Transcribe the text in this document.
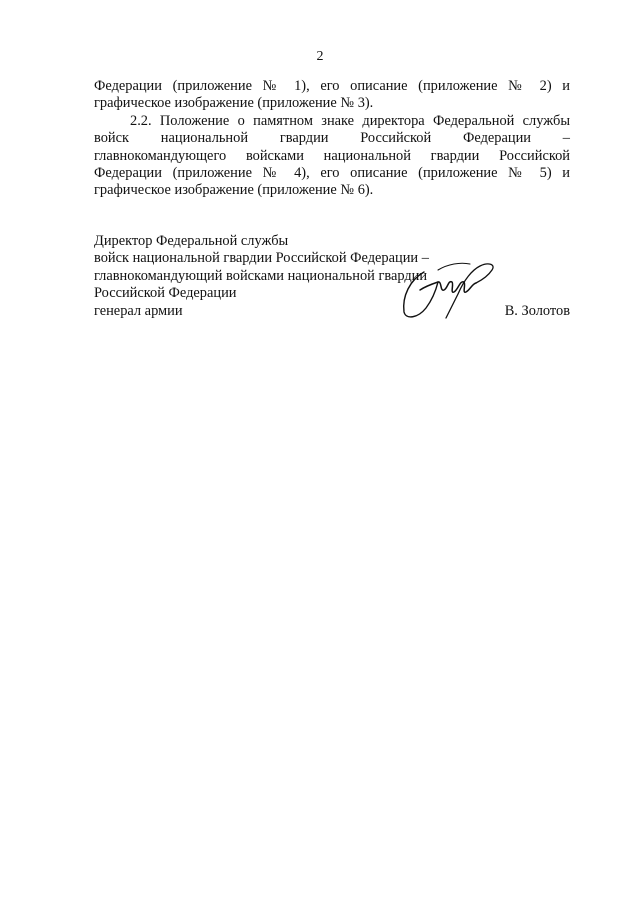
2
Федерации (приложение № 1), его описание (приложение № 2) и
графическое изображение (приложение № 3).
2.2. Положение о памятном знаке директора Федеральной службы
войск национальной гвардии Российской Федерации –
главнокомандующего войсками национальной гвардии Российской
Федерации (приложение № 4), его описание (приложение № 5) и
графическое изображение (приложение № 6).
Директор Федеральной службы
войск национальной гвардии Российской Федерации –
главнокомандующий войсками национальной гвардии
Российской Федерации
генерал армии	В. Золотов
